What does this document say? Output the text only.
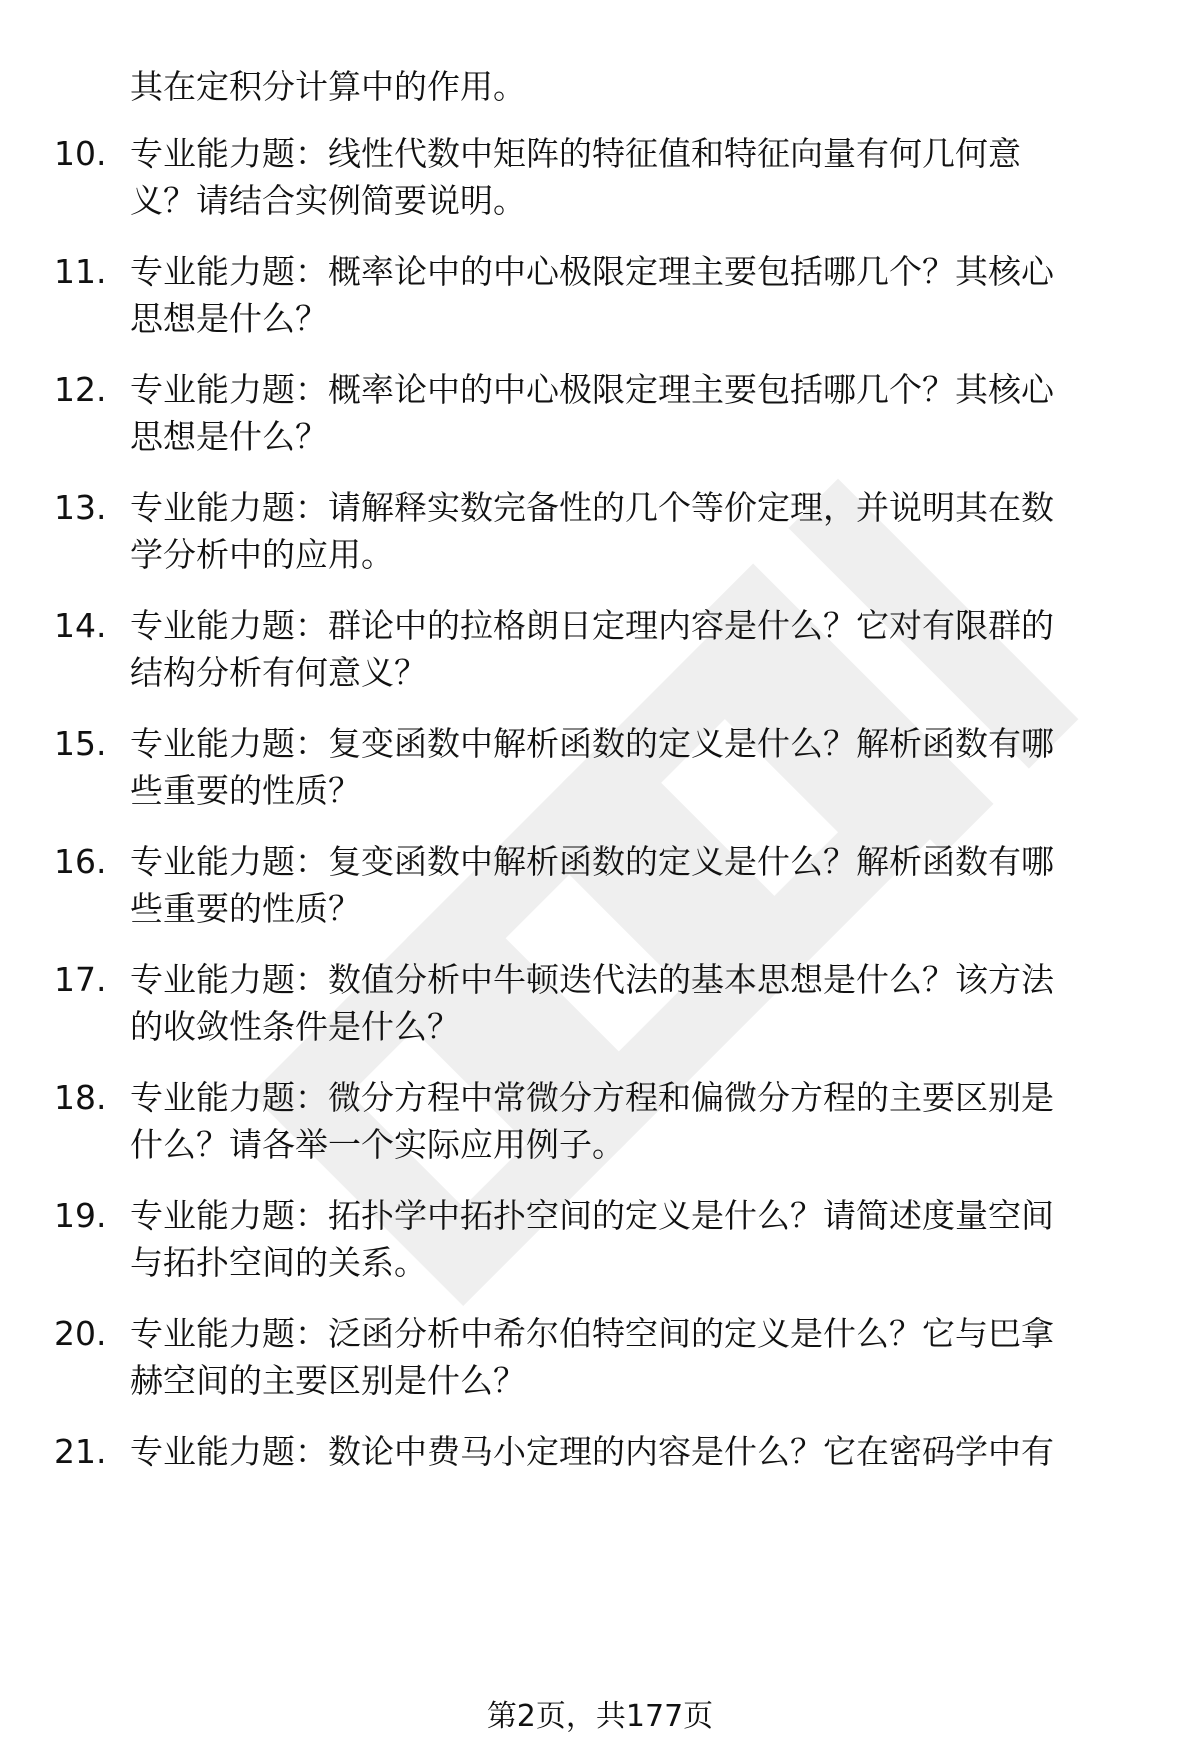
其在定积分计算中的作用。
10. 专业能力题：线性代数中矩阵的特征值和特征向量有何几何意
义？请结合实例简要说明。
11. 专业能力题：概率论中的中心极限定理主要包括哪几个？其核心
思想是什么？
12. 专业能力题：概率论中的中心极限定理主要包括哪几个？其核心
思想是什么？
13. 专业能力题：请解释实数完备性的几个等价定理，并说明其在数
学分析中的应用。
14. 专业能力题：群论中的拉格朗日定理内容是什么？它对有限群的
结构分析有何意义？
15. 专业能力题：复变函数中解析函数的定义是什么？解析函数有哪
些重要的性质？
16. 专业能力题：复变函数中解析函数的定义是什么？解析函数有哪
些重要的性质？
17. 专业能力题：数值分析中牛顿迭代法的基本思想是什么？该方法
的收敛性条件是什么？
18. 专业能力题：微分方程中常微分方程和偏微分方程的主要区别是
什么？请各举一个实际应用例子。
19. 专业能力题：拓扑学中拓扑空间的定义是什么？请简述度量空间
与拓扑空间的关系。
20. 专业能力题：泛函分析中希尔伯特空间的定义是什么？它与巴拿
赫空间的主要区别是什么？
21. 专业能力题：数论中费马小定理的内容是什么？它在密码学中有
第2页，共177页
